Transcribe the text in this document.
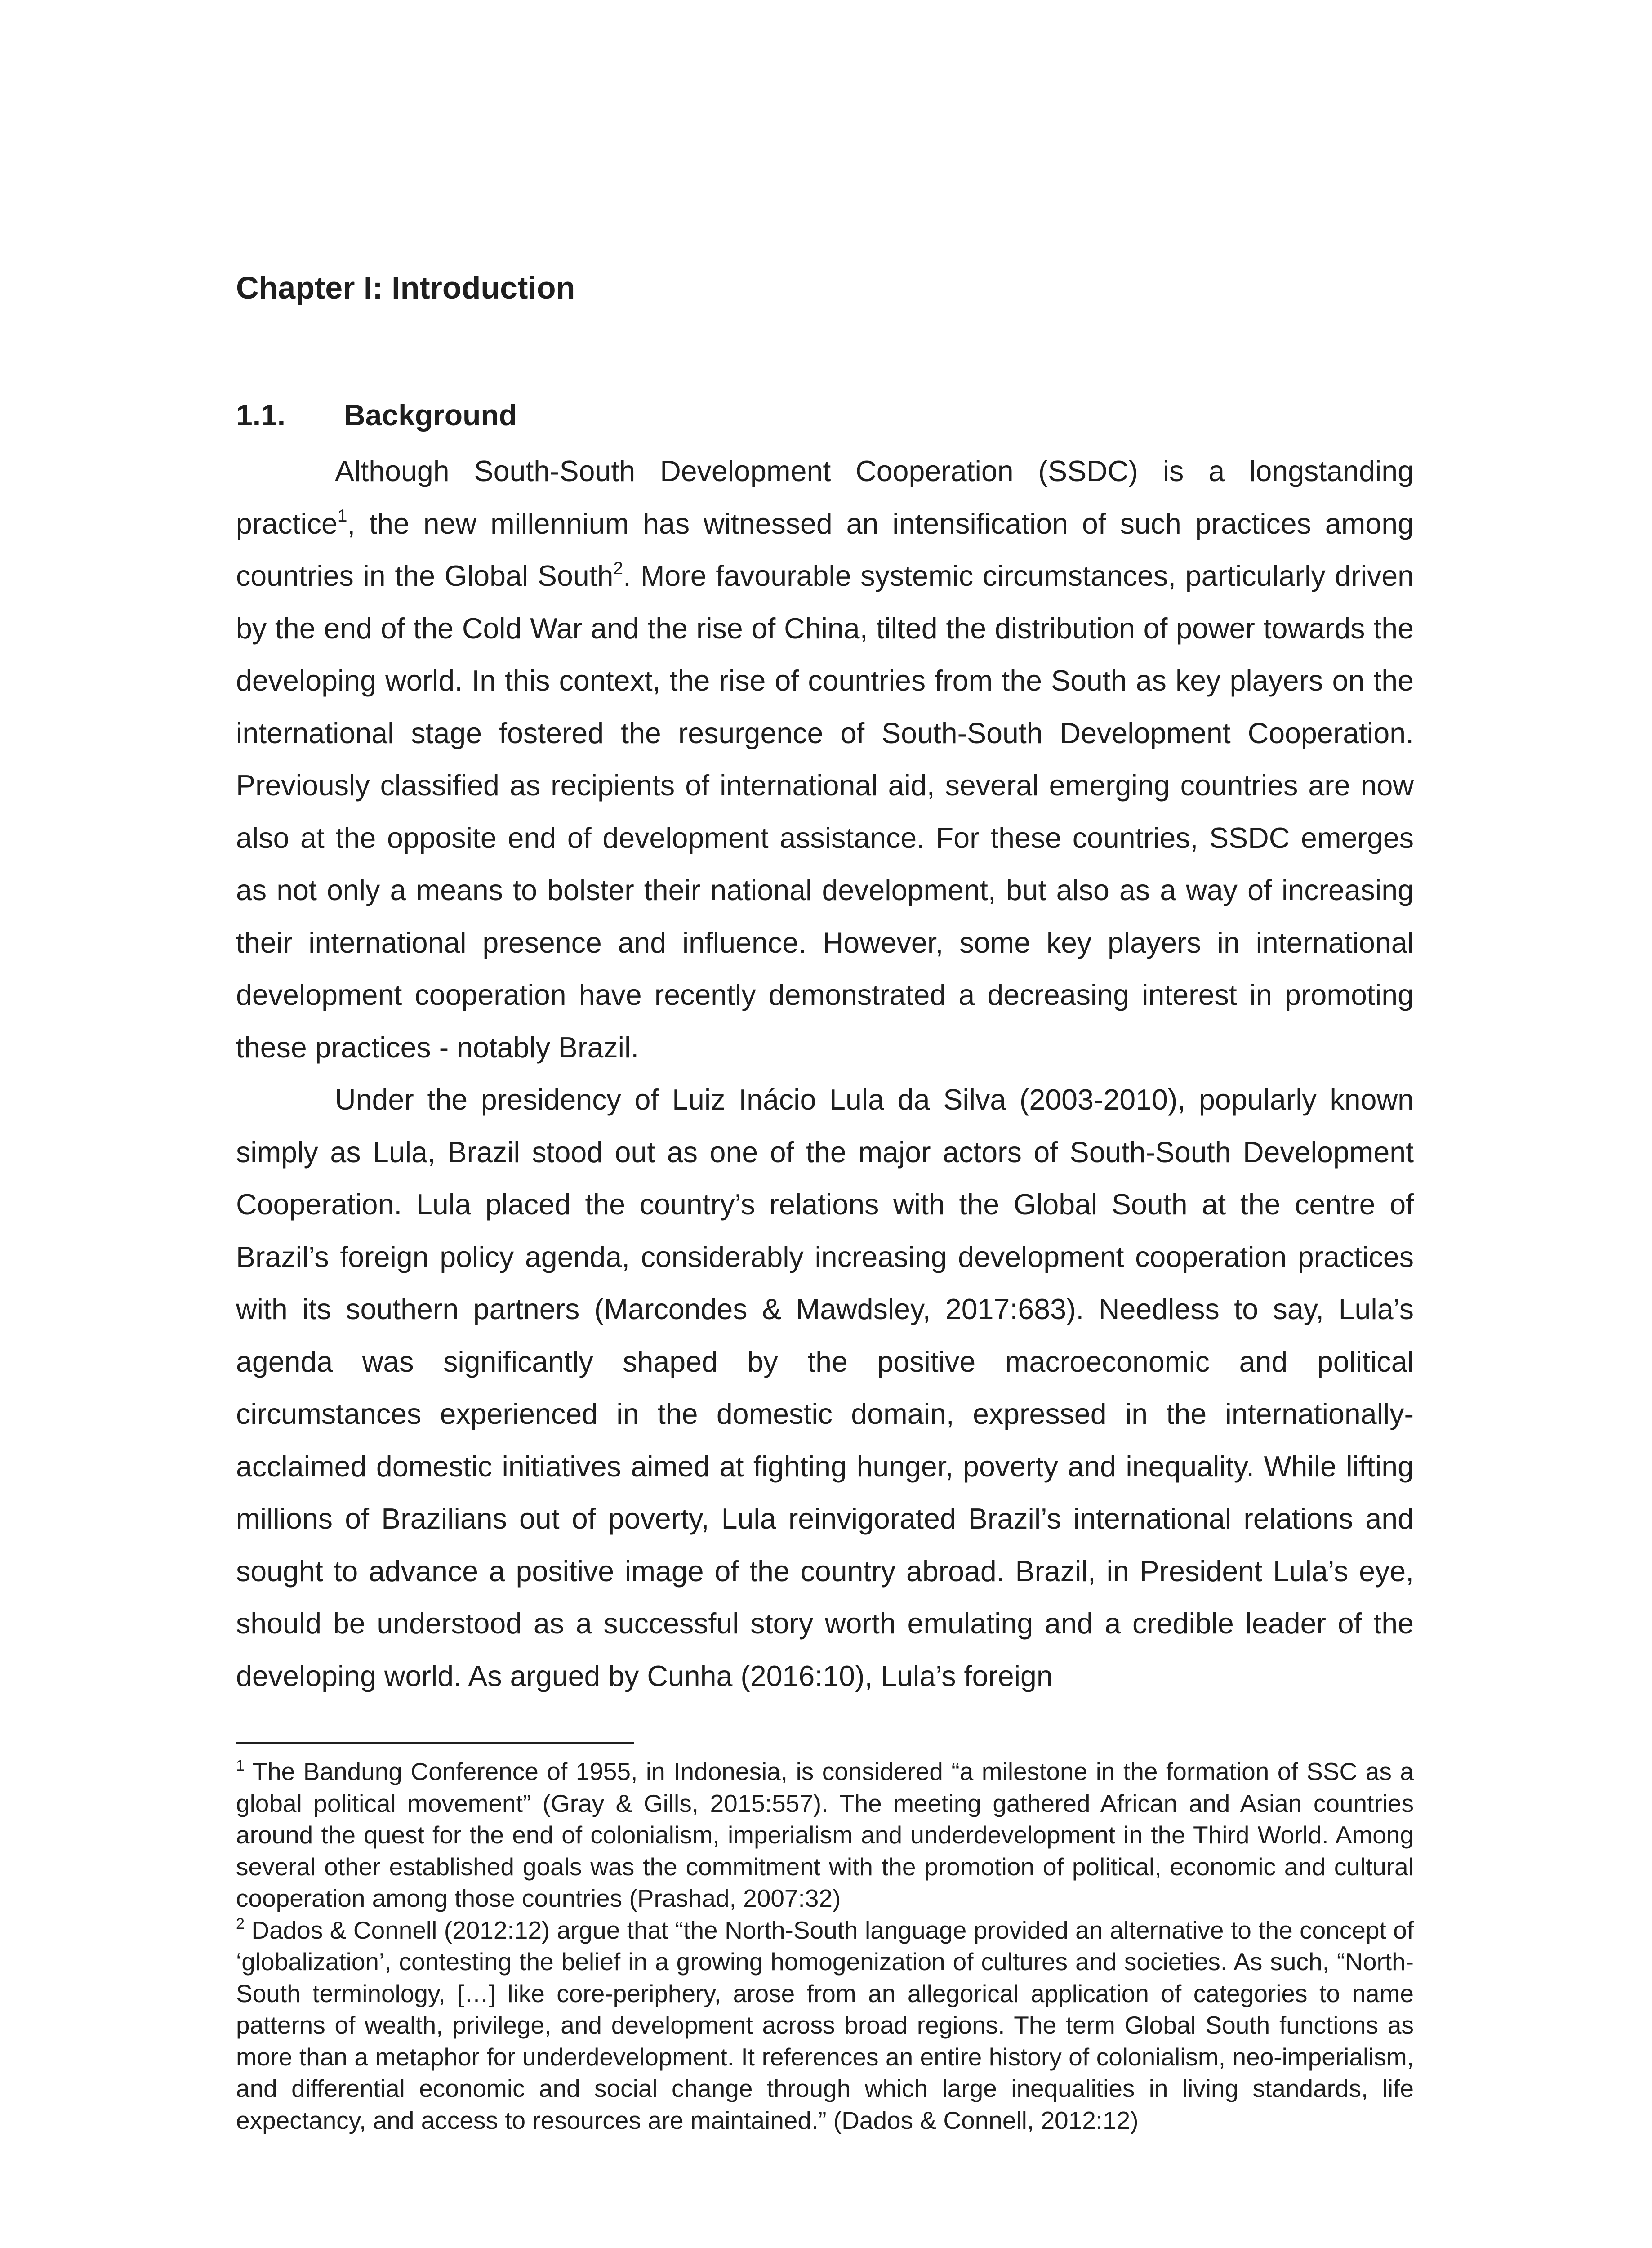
Chapter I: Introduction
1.1. Background

Although South-South Development Cooperation (SSDC) is a longstanding practice$^1$, the new millennium has witnessed an intensification of such practices among countries in the Global South$^2$. More favourable systemic circumstances, particularly driven by the end of the Cold War and the rise of China, tilted the distribution of power towards the developing world. In this context, the rise of countries from the South as key players on the international stage fostered the resurgence of South-South Development Cooperation. Previously classified as recipients of international aid, several emerging countries are now also at the opposite end of development assistance. For these countries, SSDC emerges as not only a means to bolster their national development, but also as a way of increasing their international presence and influence. However, some key players in international development cooperation have recently demonstrated a decreasing interest in promoting these practices - notably Brazil.

Under the presidency of Luiz Inácio Lula da Silva (2003-2010), popularly known simply as Lula, Brazil stood out as one of the major actors of South-South Development Cooperation. Lula placed the country’s relations with the Global South at the centre of Brazil’s foreign policy agenda, considerably increasing development cooperation practices with its southern partners (Marcondes & Mawdsley, 2017:683). Needless to say, Lula’s agenda was significantly shaped by the positive macroeconomic and political circumstances experienced in the domestic domain, expressed in the internationally-acclaimed domestic initiatives aimed at fighting hunger, poverty and inequality. While lifting millions of Brazilians out of poverty, Lula reinvigorated Brazil’s international relations and sought to advance a positive image of the country abroad. Brazil, in President Lula’s eye, should be understood as a successful story worth emulating and a credible leader of the developing world. As argued by Cunha (2016:10), Lula’s foreign

$^1$ The Bandung Conference of 1955, in Indonesia, is considered “a milestone in the formation of SSC as a global political movement” (Gray & Gills, 2015:557). The meeting gathered African and Asian countries around the quest for the end of colonialism, imperialism and underdevelopment in the Third World. Among several other established goals was the commitment with the promotion of political, economic and cultural cooperation among those countries (Prashad, 2007:32)

$^2$ Dados & Connell (2012:12) argue that “the North-South language provided an alternative to the concept of ‘globalization’, contesting the belief in a growing homogenization of cultures and societies. As such, “North-South terminology, […] like core-periphery, arose from an allegorical application of categories to name patterns of wealth, privilege, and development across broad regions. The term Global South functions as more than a metaphor for underdevelopment. It references an entire history of colonialism, neo-imperialism, and differential economic and social change through which large inequalities in living standards, life expectancy, and access to resources are maintained.” (Dados & Connell, 2012:12)
